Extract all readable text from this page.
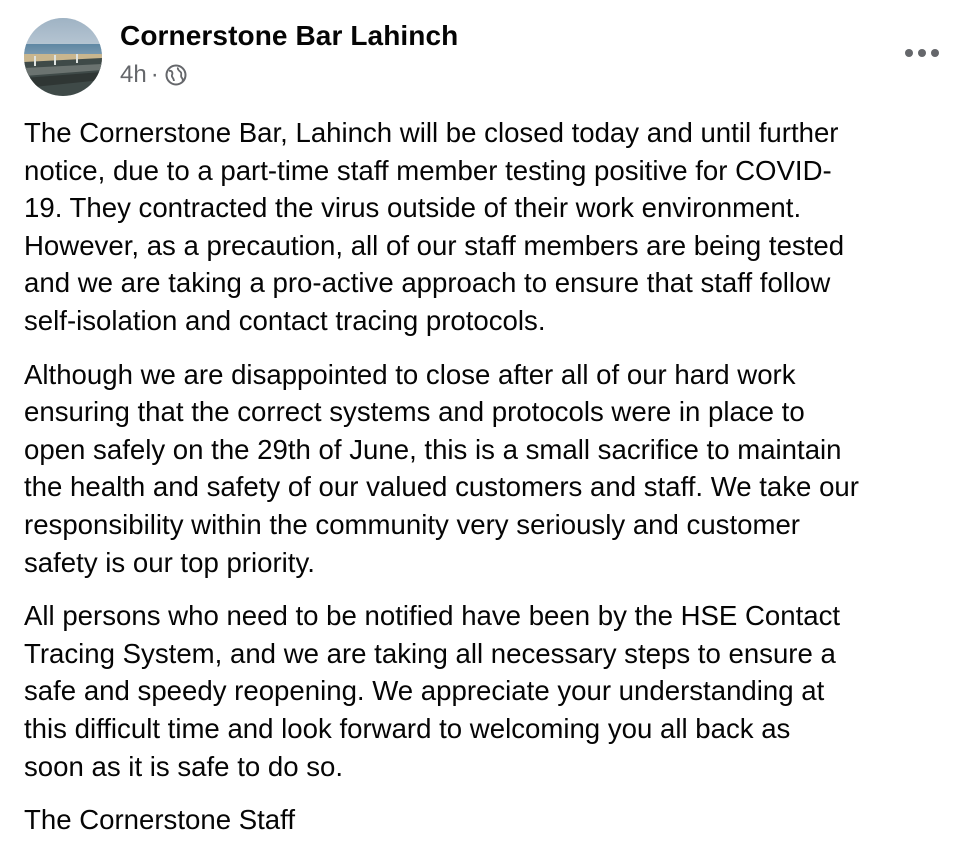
Cornerstone Bar Lahinch
4h ·

The Cornerstone Bar, Lahinch will be closed today and until further
notice, due to a part-time staff member testing positive for COVID-
19. They contracted the virus outside of their work environment.
However, as a precaution, all of our staff members are being tested
and we are taking a pro-active approach to ensure that staff follow
self-isolation and contact tracing protocols.

Although we are disappointed to close after all of our hard work
ensuring that the correct systems and protocols were in place to
open safely on the 29th of June, this is a small sacrifice to maintain
the health and safety of our valued customers and staff. We take our
responsibility within the community very seriously and customer
safety is our top priority.

All persons who need to be notified have been by the HSE Contact
Tracing System, and we are taking all necessary steps to ensure a
safe and speedy reopening. We appreciate your understanding at
this difficult time and look forward to welcoming you all back as
soon as it is safe to do so.

The Cornerstone Staff
